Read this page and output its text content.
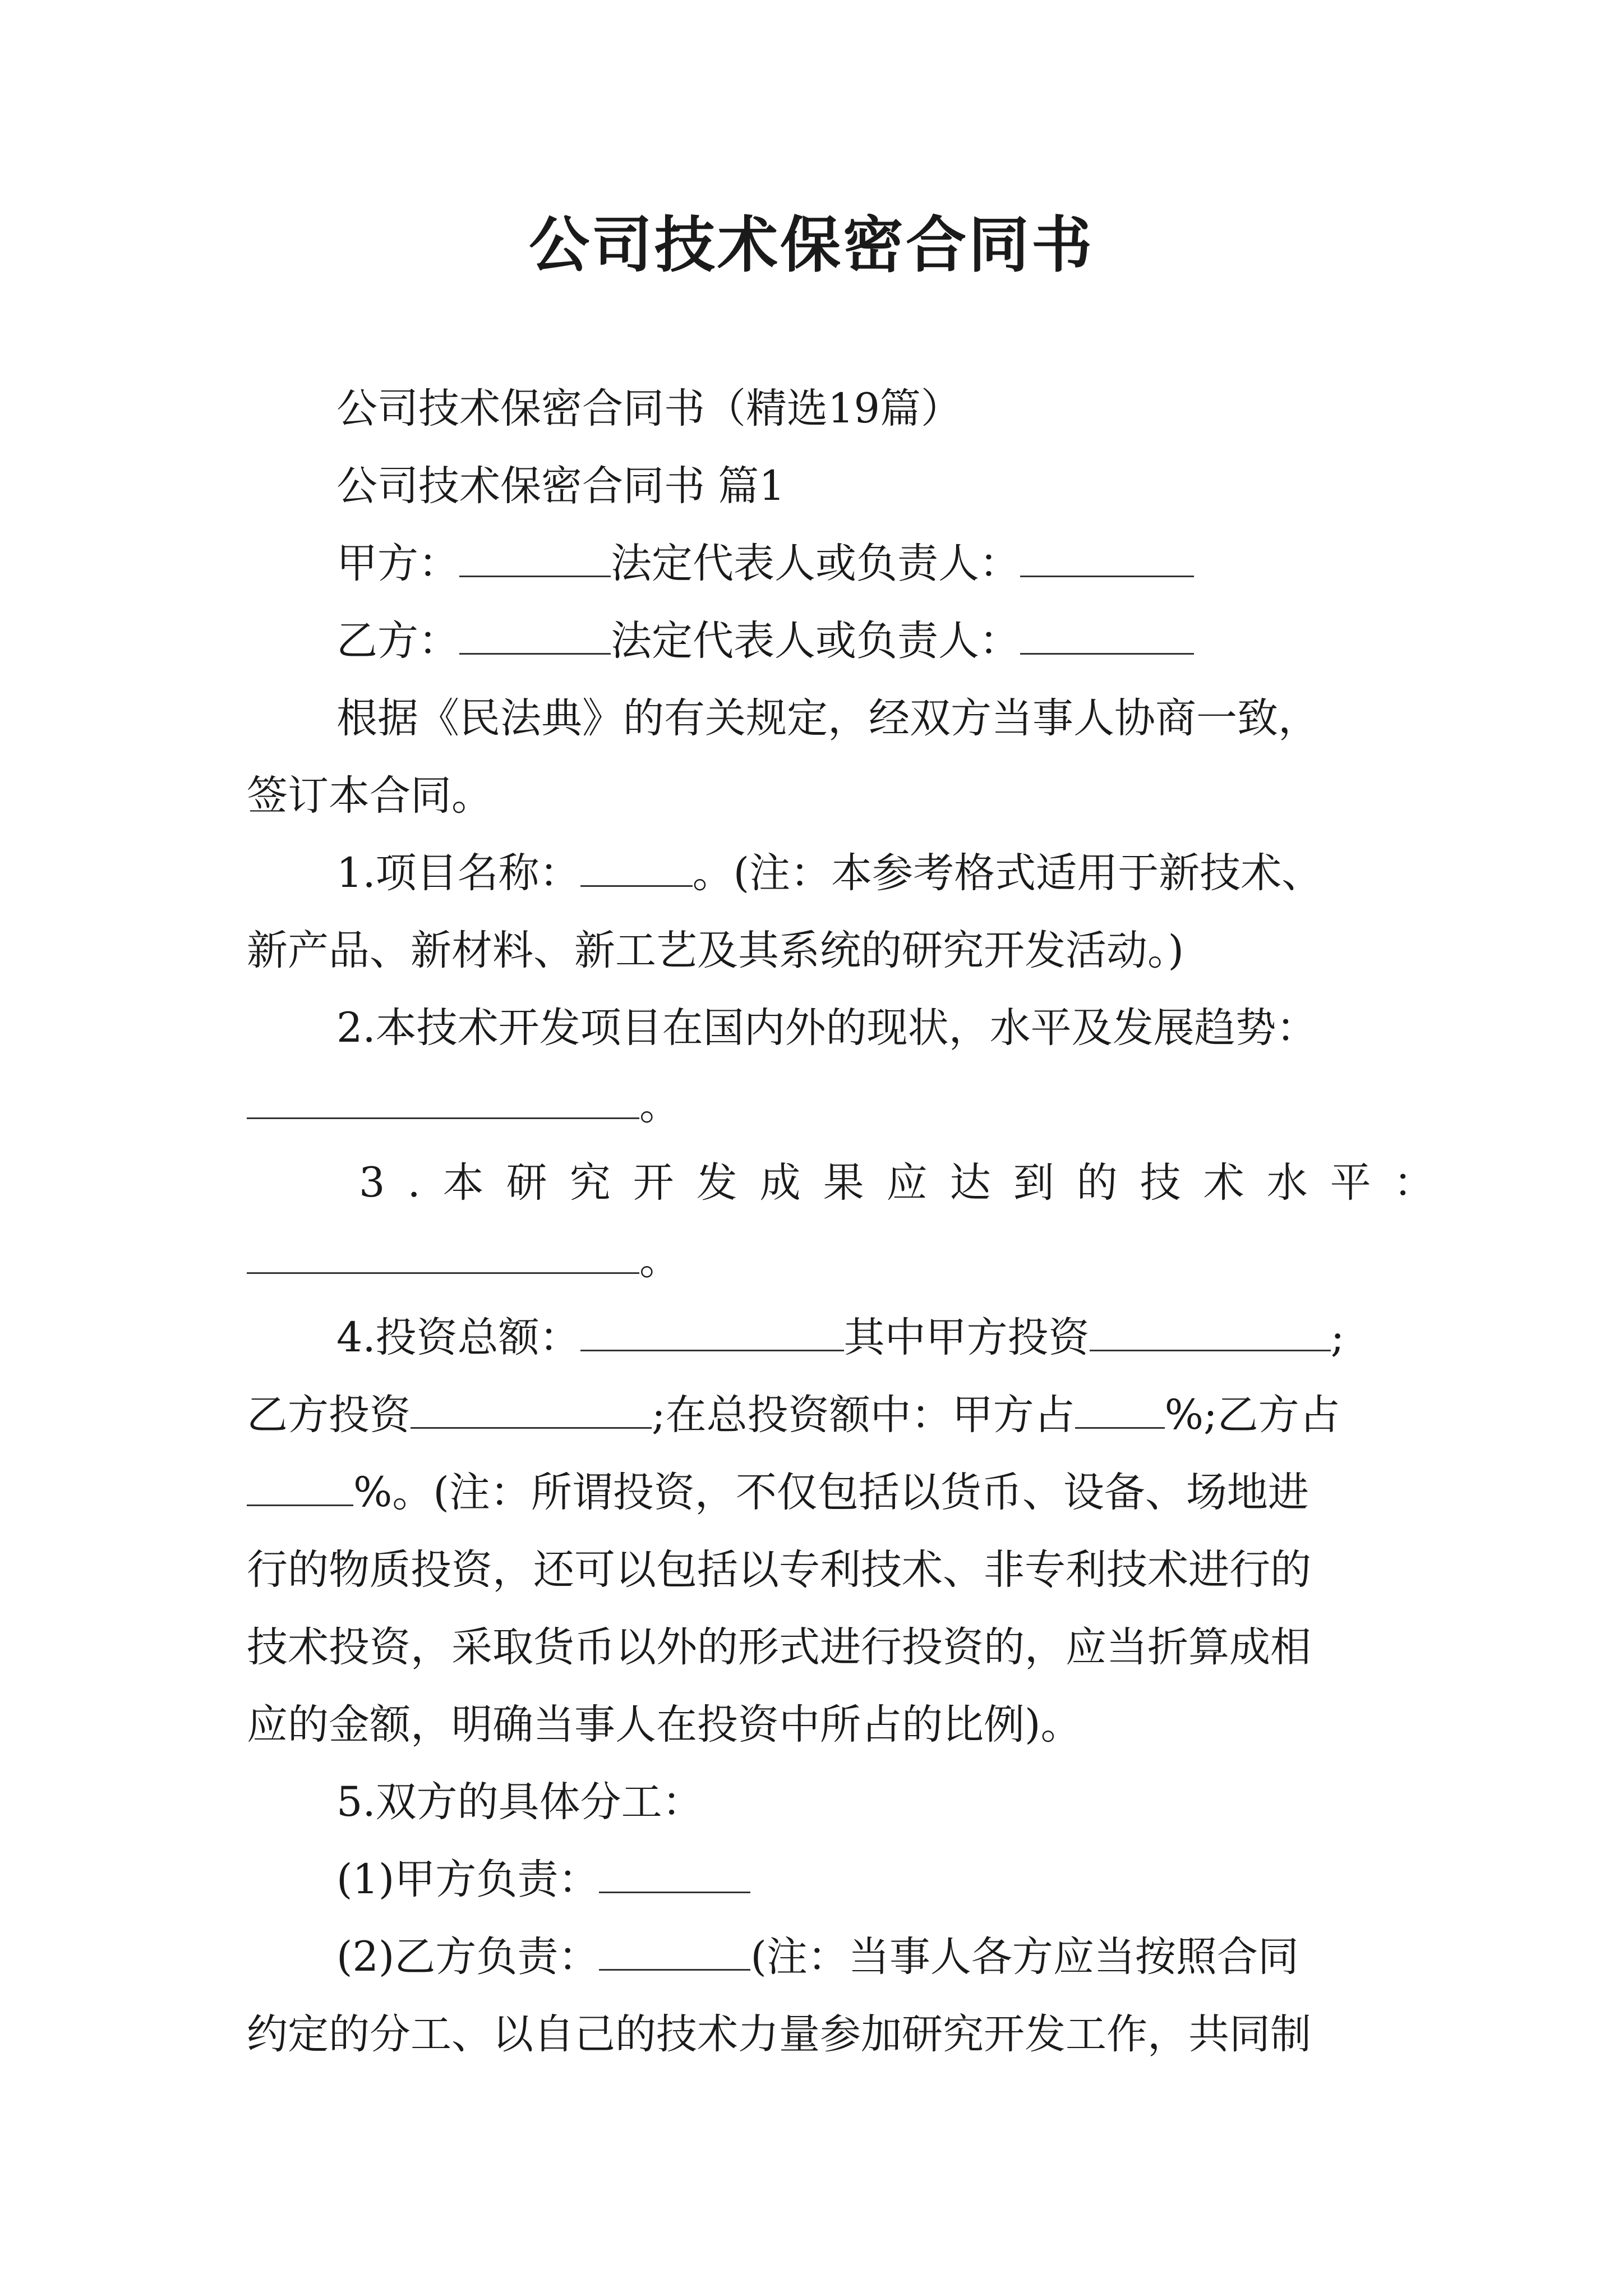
公司技术保密合同书

公司技术保密合同书（精选19篇）

公司技术保密合同书 篇1

甲方：	法定代表人或负责人：

乙方：	法定代表人或负责人：

根据《民法典》的有关规定，经双方当事人协商一致，

签订本合同。

1.项目名称：	。(注：本参考格式适用于新技术、

新产品、新材料、新工艺及其系统的研究开发活动。)

2.本技术开发项目在国内外的现状，水平及发展趋势：

。

3.本研究开发成果应达到的技术水平：

。

4.投资总额：	其中甲方投资	;

乙方投资	;在总投资额中：甲方占 %;乙方占

%。(注：所谓投资，不仅包括以货币、设备、场地进

行的物质投资，还可以包括以专利技术、非专利技术进行的

技术投资，采取货币以外的形式进行投资的，应当折算成相

应的金额，明确当事人在投资中所占的比例)。

5.双方的具体分工：

(1)甲方负责：

(2)乙方负责：	(注：当事人各方应当按照合同

约定的分工、以自己的技术力量参加研究开发工作，共同制
